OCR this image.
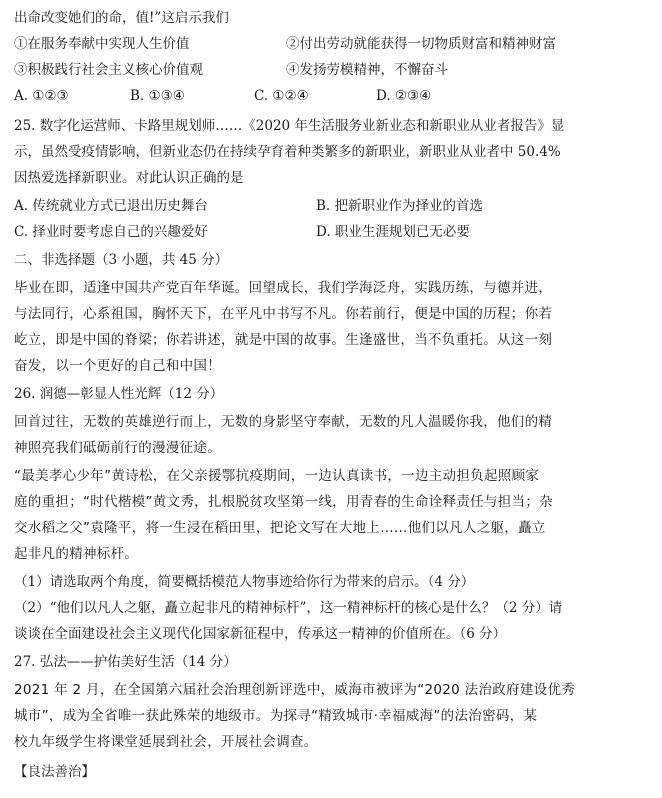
出命改变她们的命，值!”这启示我们
①在服务奉献中实现人生价值	②付出劳动就能获得一切物质财富和精神财富
③积极践行社会主义核心价值观	④发扬劳模精神，不懈奋斗
A. ①②③	B. ①③④	C. ①②④	D. ②③④
25. 数字化运营师、卡路里规划师……《2020 年生活服务业新业态和新职业从业者报告》显
示，虽然受疫情影响，但新业态仍在持续孕育着种类繁多的新职业，新职业从业者中 50.4%
因热爱选择新职业。对此认识正确的是
A. 传统就业方式已退出历史舞台	B. 把新职业作为择业的首选
C. 择业时要考虑自己的兴趣爱好	D. 职业生涯规划已无必要
二、非选择题（3 小题，共 45 分）
毕业在即，适逢中国共产党百年华诞。回望成长，我们学海泛舟，实践历练，与德并进，
与法同行，心系祖国，胸怀天下，在平凡中书写不凡。你若前行，便是中国的历程；你若
屹立，即是中国的脊梁；你若讲述，就是中国的故事。生逢盛世，当不负重托。从这一刻
奋发，以一个更好的自己和中国！
26. 润德—彰显人性光辉（12 分）
回首过往，无数的英雄逆行而上，无数的身影坚守奉献，无数的凡人温暖你我，他们的精
神照亮我们砥砺前行的漫漫征途。
“最美孝心少年”黄诗松，在父亲援鄂抗疫期间，一边认真读书，一边主动担负起照顾家
庭的重担；“时代楷模”黄文秀，扎根脱贫攻坚第一线，用青春的生命诠释责任与担当；杂
交水稻之父”袁隆平，将一生浸在稻田里，把论文写在大地上……他们以凡人之躯，矗立
起非凡的精神标杆。
（1）请选取两个角度，简要概括模范人物事迹给你行为带来的启示。（4 分）
（2）“他们以凡人之躯，矗立起非凡的精神标杆”，这一精神标杆的核心是什么？（2 分）请
谈谈在全面建设社会主义现代化国家新征程中，传承这一精神的价值所在。（6 分）
27. 弘法——护佑美好生活（14 分）
2021 年 2 月，在全国第六届社会治理创新评选中，威海市被评为“2020 法治政府建设优秀
城市”，成为全省唯一获此殊荣的地级市。为探寻“精致城市·幸福威海”的法治密码，某
校九年级学生将课堂延展到社会，开展社会调查。
【良法善治】
